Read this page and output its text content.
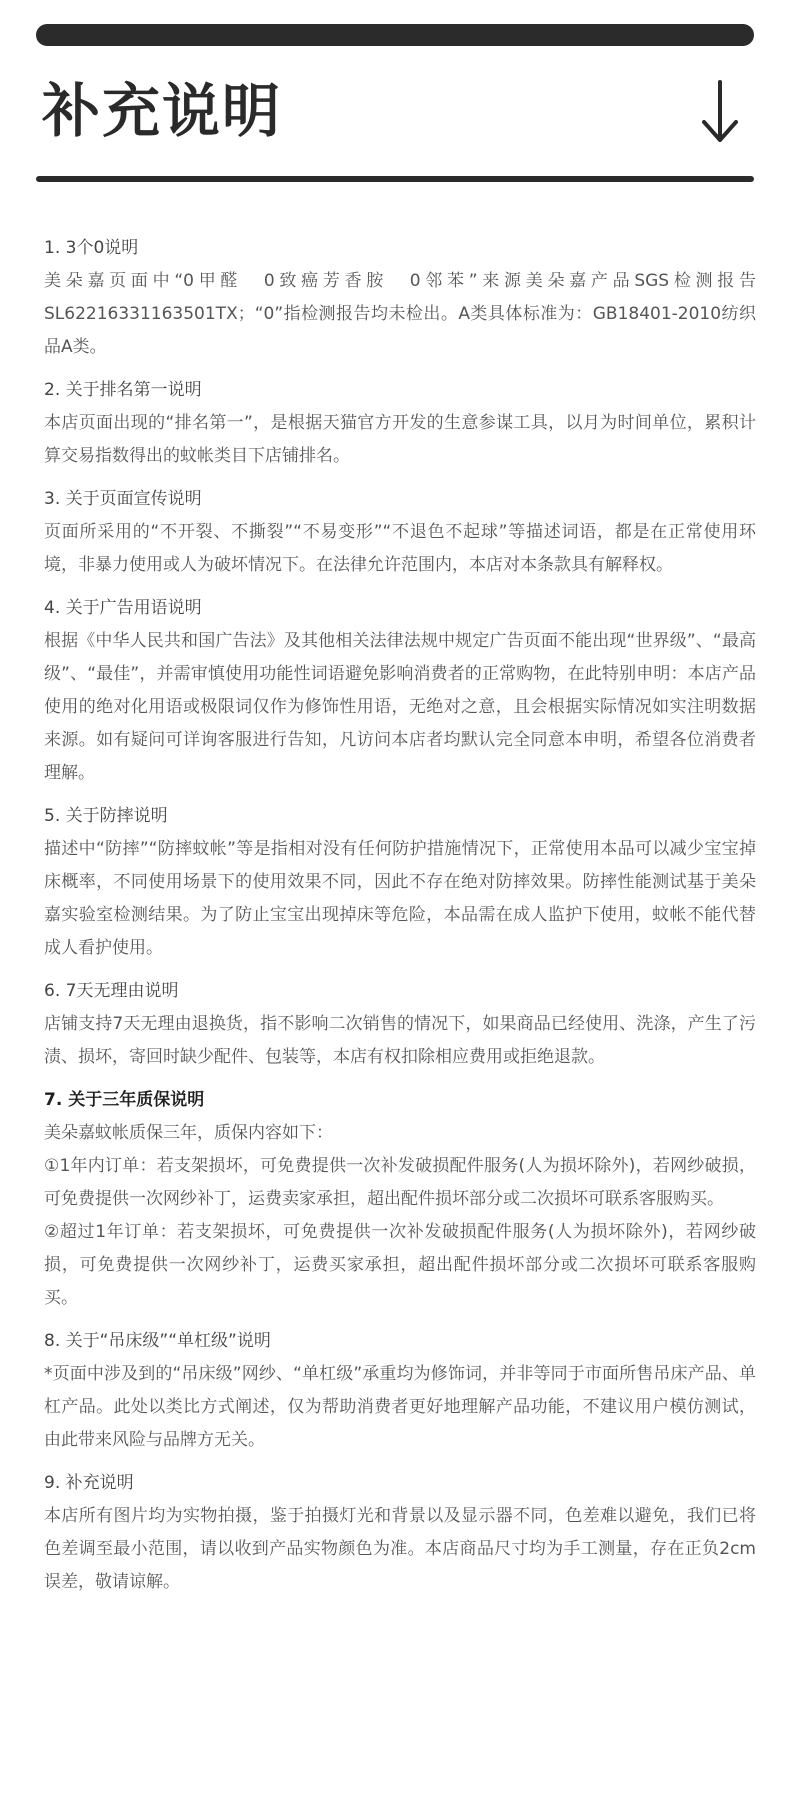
补充说明
1. 3个0说明

美朵嘉页面中“0甲醛　0致癌芳香胺　0邻苯”来源美朵嘉产品SGS检测报告SL62216331163501TX；“0”指检测报告均未检出。A类具体标准为：GB18401-2010纺织品A类。

2. 关于排名第一说明

本店页面出现的“排名第一”，是根据天猫官方开发的生意参谋工具，以月为时间单位，累积计算交易指数得出的蚊帐类目下店铺排名。

3. 关于页面宣传说明

页面所采用的“不开裂、不撕裂”“不易变形”“不退色不起球”等描述词语，都是在正常使用环境，非暴力使用或人为破坏情况下。在法律允许范围内，本店对本条款具有解释权。

4. 关于广告用语说明

根据《中华人民共和国广告法》及其他相关法律法规中规定广告页面不能出现“世界级”、“最高级”、“最佳”，并需审慎使用功能性词语避免影响消费者的正常购物，在此特别申明：本店产品使用的绝对化用语或极限词仅作为修饰性用语，无绝对之意，且会根据实际情况如实注明数据来源。如有疑问可详询客服进行告知，凡访问本店者均默认完全同意本申明，希望各位消费者理解。

5. 关于防摔说明

描述中“防摔”“防摔蚊帐”等是指相对没有任何防护措施情况下，正常使用本品可以减少宝宝掉床概率，不同使用场景下的使用效果不同，因此不存在绝对防摔效果。防摔性能测试基于美朵嘉实验室检测结果。为了防止宝宝出现掉床等危险，本品需在成人监护下使用，蚊帐不能代替成人看护使用。

6. 7天无理由说明

店铺支持7天无理由退换货，指不影响二次销售的情况下，如果商品已经使用、洗涤，产生了污渍、损坏，寄回时缺少配件、包装等，本店有权扣除相应费用或拒绝退款。

7. 关于三年质保说明

美朵嘉蚊帐质保三年，质保内容如下：

①1年内订单：若支架损坏，可免费提供一次补发破损配件服务(人为损坏除外)，若网纱破损，可免费提供一次网纱补丁，运费卖家承担，超出配件损坏部分或二次损坏可联系客服购买。

②超过1年订单：若支架损坏，可免费提供一次补发破损配件服务(人为损坏除外)，若网纱破损，可免费提供一次网纱补丁，运费买家承担，超出配件损坏部分或二次损坏可联系客服购买。

8. 关于“吊床级”“单杠级”说明

*页面中涉及到的“吊床级”网纱、“单杠级”承重均为修饰词，并非等同于市面所售吊床产品、单杠产品。此处以类比方式阐述，仅为帮助消费者更好地理解产品功能，不建议用户模仿测试，由此带来风险与品牌方无关。

9. 补充说明

本店所有图片均为实物拍摄，鉴于拍摄灯光和背景以及显示器不同，色差难以避免，我们已将色差调至最小范围，请以收到产品实物颜色为准。本店商品尺寸均为手工测量，存在正负2cm误差，敬请谅解。
